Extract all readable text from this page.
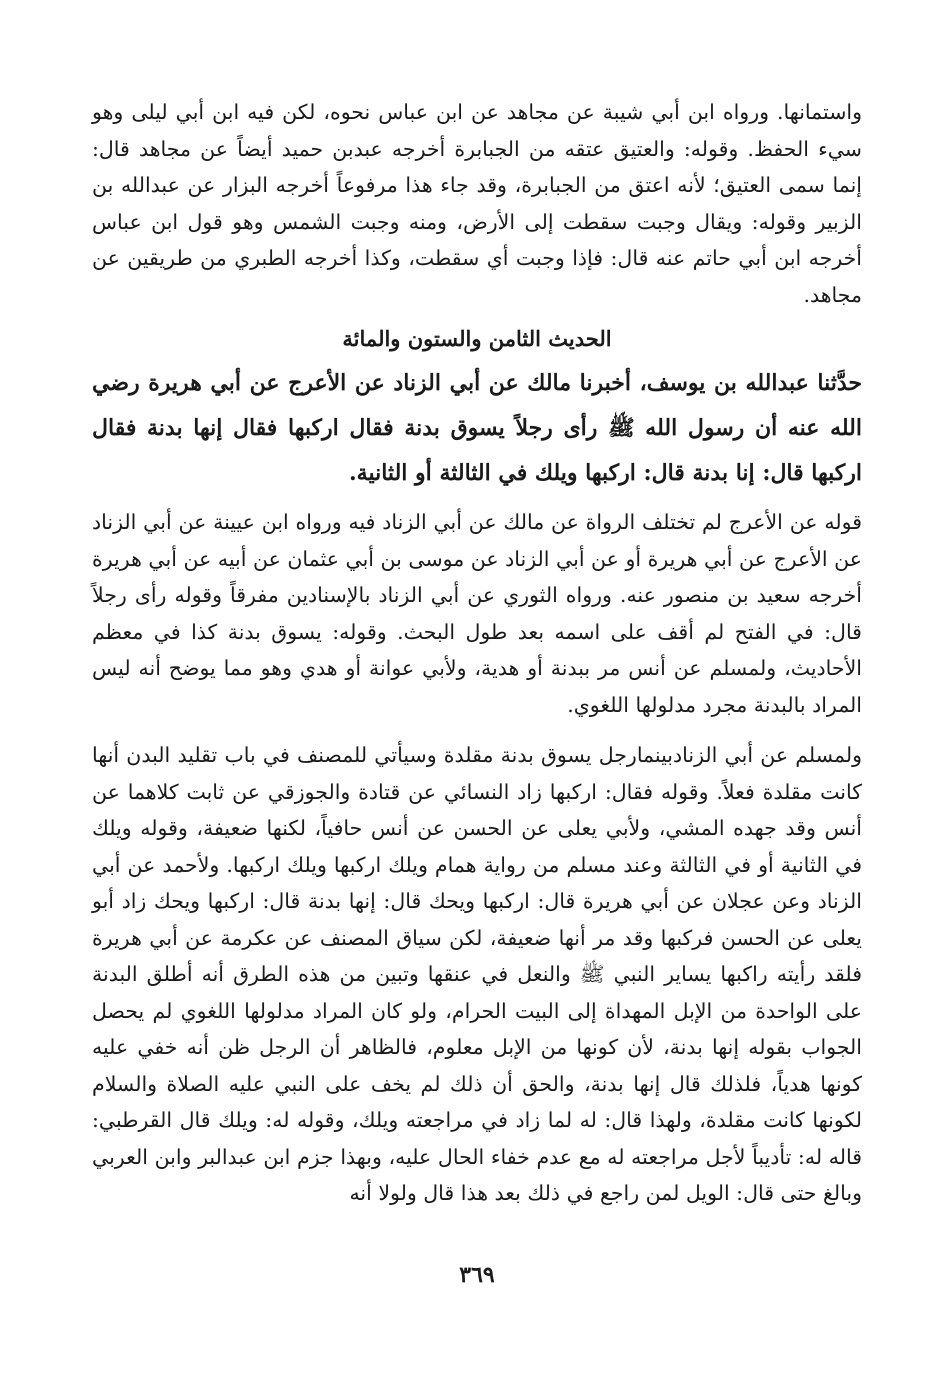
واستمانها. ورواه ابن أبي شيبة عن مجاهد عن ابن عباس نحوه، لكن فيه ابن أبي ليلى وهو سيء الحفظ. وقوله: والعتيق عتقه من الجبابرة أخرجه عبدبن حميد أيضاً عن مجاهد قال: إنما سمى العتيق؛ لأنه اعتق من الجبابرة، وقد جاء هذا مرفوعاً أخرجه البزار عن عبدالله بن الزبير وقوله: ويقال وجبت سقطت إلى الأرض، ومنه وجبت الشمس وهو قول ابن عباس أخرجه ابن أبي حاتم عنه قال: فإذا وجبت أي سقطت، وكذا أخرجه الطبري من طريقين عن مجاهد.

الحديث الثامن والستون والمائة

حدَّثنا عبدالله بن يوسف، أخبرنا مالك عن أبي الزناد عن الأعرج عن أبي هريرة رضي الله عنه أن رسول الله ﷺ رأى رجلاً يسوق بدنة فقال اركبها فقال إنها بدنة فقال اركبها قال: إنا بدنة قال: اركبها ويلك في الثالثة أو الثانية.

قوله عن الأعرج لم تختلف الرواة عن مالك عن أبي الزناد فيه ورواه ابن عيينة عن أبي الزناد عن الأعرج عن أبي هريرة أو عن أبي الزناد عن موسى بن أبي عثمان عن أبيه عن أبي هريرة أخرجه سعيد بن منصور عنه. ورواه الثوري عن أبي الزناد بالإسنادين مفرقاً وقوله رأى رجلاً قال: في الفتح لم أقف على اسمه بعد طول البحث. وقوله: يسوق بدنة كذا في معظم الأحاديث، ولمسلم عن أنس مر ببدنة أو هدية، ولأبي عوانة أو هدي وهو مما يوضح أنه ليس المراد بالبدنة مجرد مدلولها اللغوي.

ولمسلم عن أبي الزنادبينمارجل يسوق بدنة مقلدة وسيأتي للمصنف في باب تقليد البدن أنها كانت مقلدة فعلاً. وقوله فقال: اركبها زاد النسائي عن قتادة والجوزقي عن ثابت كلاهما عن أنس وقد جهده المشي، ولأبي يعلى عن الحسن عن أنس حافياً، لكنها ضعيفة، وقوله ويلك في الثانية أو في الثالثة وعند مسلم من رواية همام ويلك اركبها ويلك اركبها. ولأحمد عن أبي الزناد وعن عجلان عن أبي هريرة قال: اركبها ويحك قال: إنها بدنة قال: اركبها ويحك زاد أبو يعلى عن الحسن فركبها وقد مر أنها ضعيفة، لكن سياق المصنف عن عكرمة عن أبي هريرة فلقد رأيته راكبها يساير النبي ﷺ والنعل في عنقها وتبين من هذه الطرق أنه أطلق البدنة على الواحدة من الإبل المهداة إلى البيت الحرام، ولو كان المراد مدلولها اللغوي لم يحصل الجواب بقوله إنها بدنة، لأن كونها من الإبل معلوم، فالظاهر أن الرجل ظن أنه خفي عليه كونها هدياً، فلذلك قال إنها بدنة، والحق أن ذلك لم يخف على النبي عليه الصلاة والسلام لكونها كانت مقلدة، ولهذا قال: له لما زاد في مراجعته ويلك، وقوله له: ويلك قال القرطبي: قاله له: تأديباً لأجل مراجعته له مع عدم خفاء الحال عليه، وبهذا جزم ابن عبدالبر وابن العربي وبالغ حتى قال: الويل لمن راجع في ذلك بعد هذا قال ولولا أنه

٣٦٩
